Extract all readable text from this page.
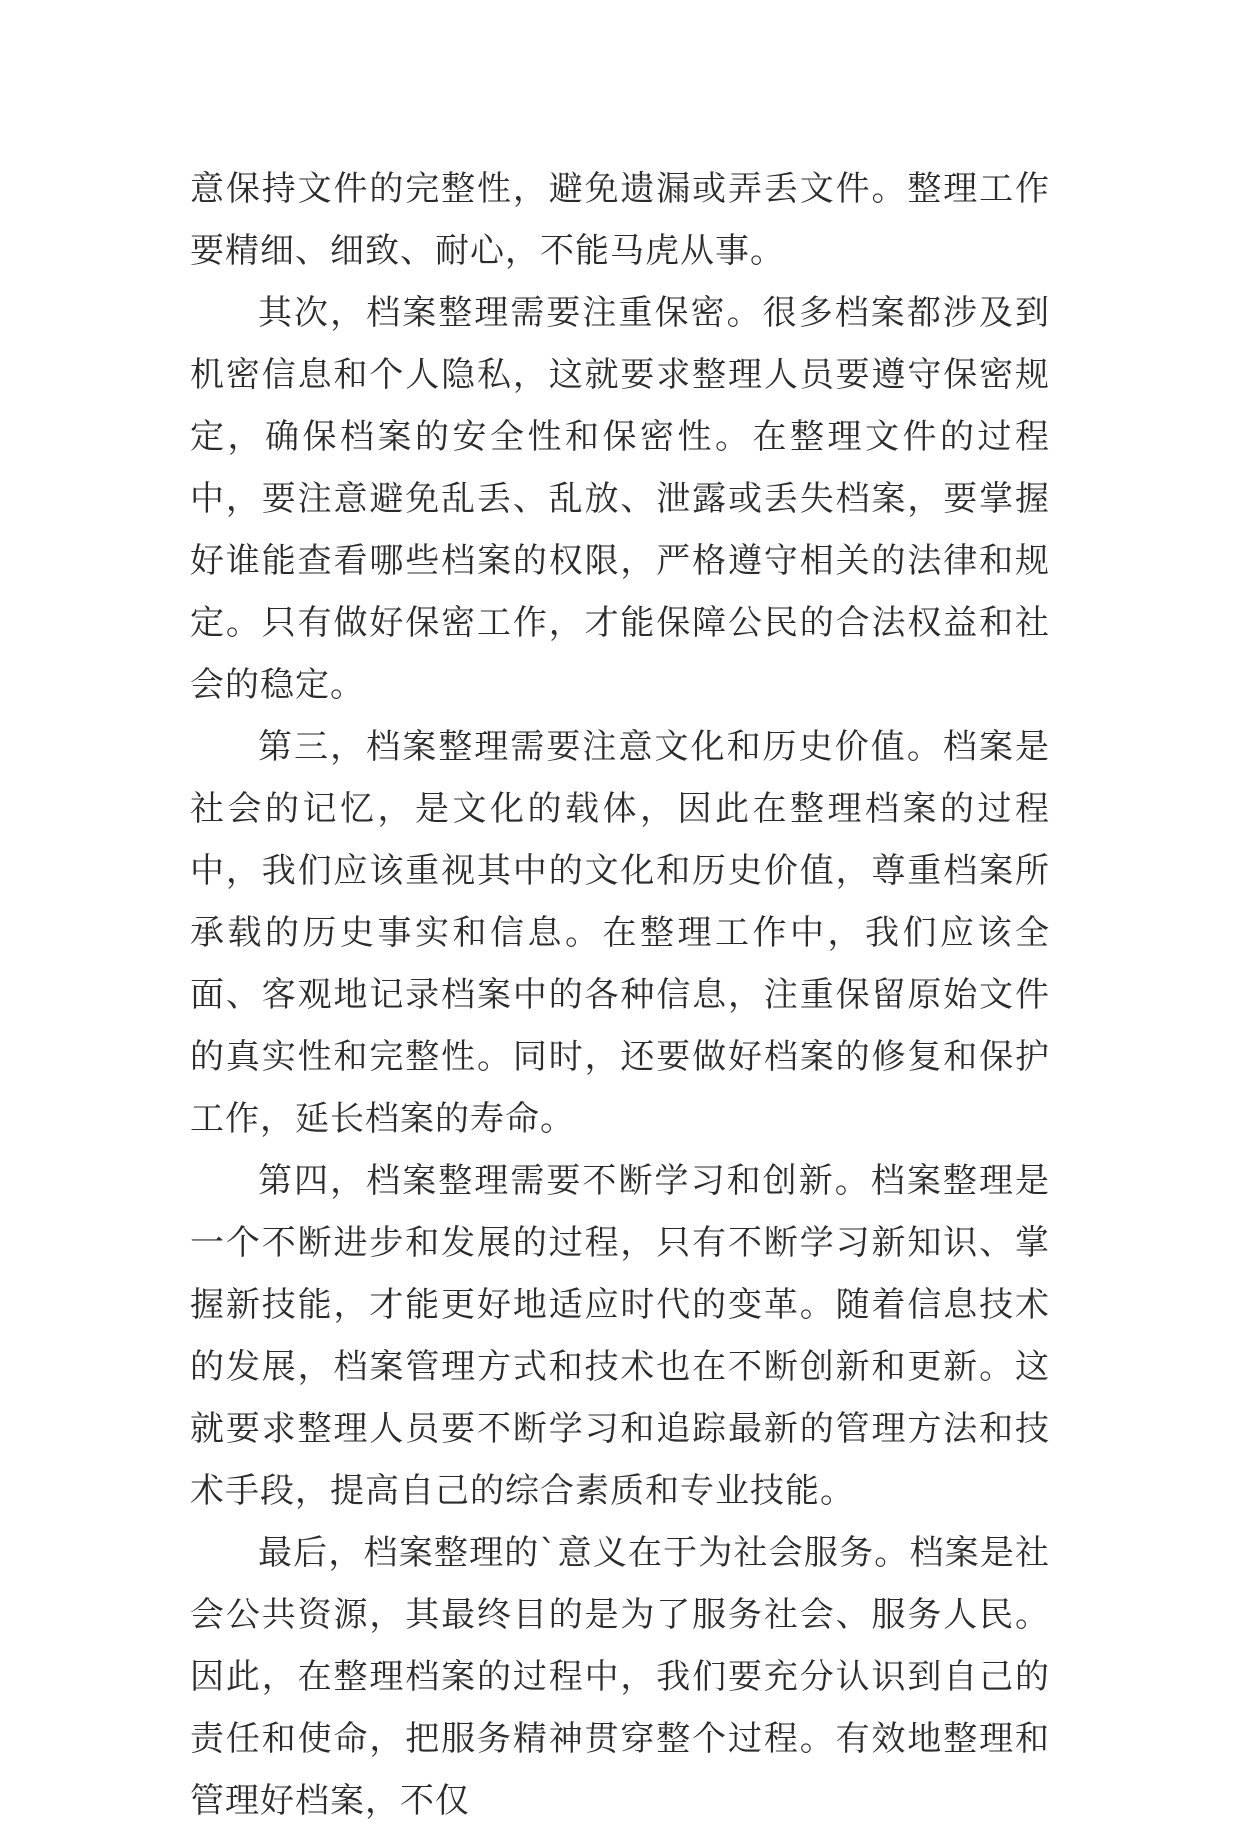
意保持文件的完整性，避免遗漏或弄丢文件。整理工作要精细、细致、耐心，不能马虎从事。

其次，档案整理需要注重保密。很多档案都涉及到机密信息和个人隐私，这就要求整理人员要遵守保密规定，确保档案的安全性和保密性。在整理文件的过程中，要注意避免乱丢、乱放、泄露或丢失档案，要掌握好谁能查看哪些档案的权限，严格遵守相关的法律和规定。只有做好保密工作，才能保障公民的合法权益和社会的稳定。

第三，档案整理需要注意文化和历史价值。档案是社会的记忆，是文化的载体，因此在整理档案的过程中，我们应该重视其中的文化和历史价值，尊重档案所承载的历史事实和信息。在整理工作中，我们应该全面、客观地记录档案中的各种信息，注重保留原始文件的真实性和完整性。同时，还要做好档案的修复和保护工作，延长档案的寿命。

第四，档案整理需要不断学习和创新。档案整理是一个不断进步和发展的过程，只有不断学习新知识、掌握新技能，才能更好地适应时代的变革。随着信息技术的发展，档案管理方式和技术也在不断创新和更新。这就要求整理人员要不断学习和追踪最新的管理方法和技术手段，提高自己的综合素质和专业技能。

最后，档案整理的`意义在于为社会服务。档案是社会公共资源，其最终目的是为了服务社会、服务人民。因此，在整理档案的过程中，我们要充分认识到自己的责任和使命，把服务精神贯穿整个过程。有效地整理和管理好档案，不仅
